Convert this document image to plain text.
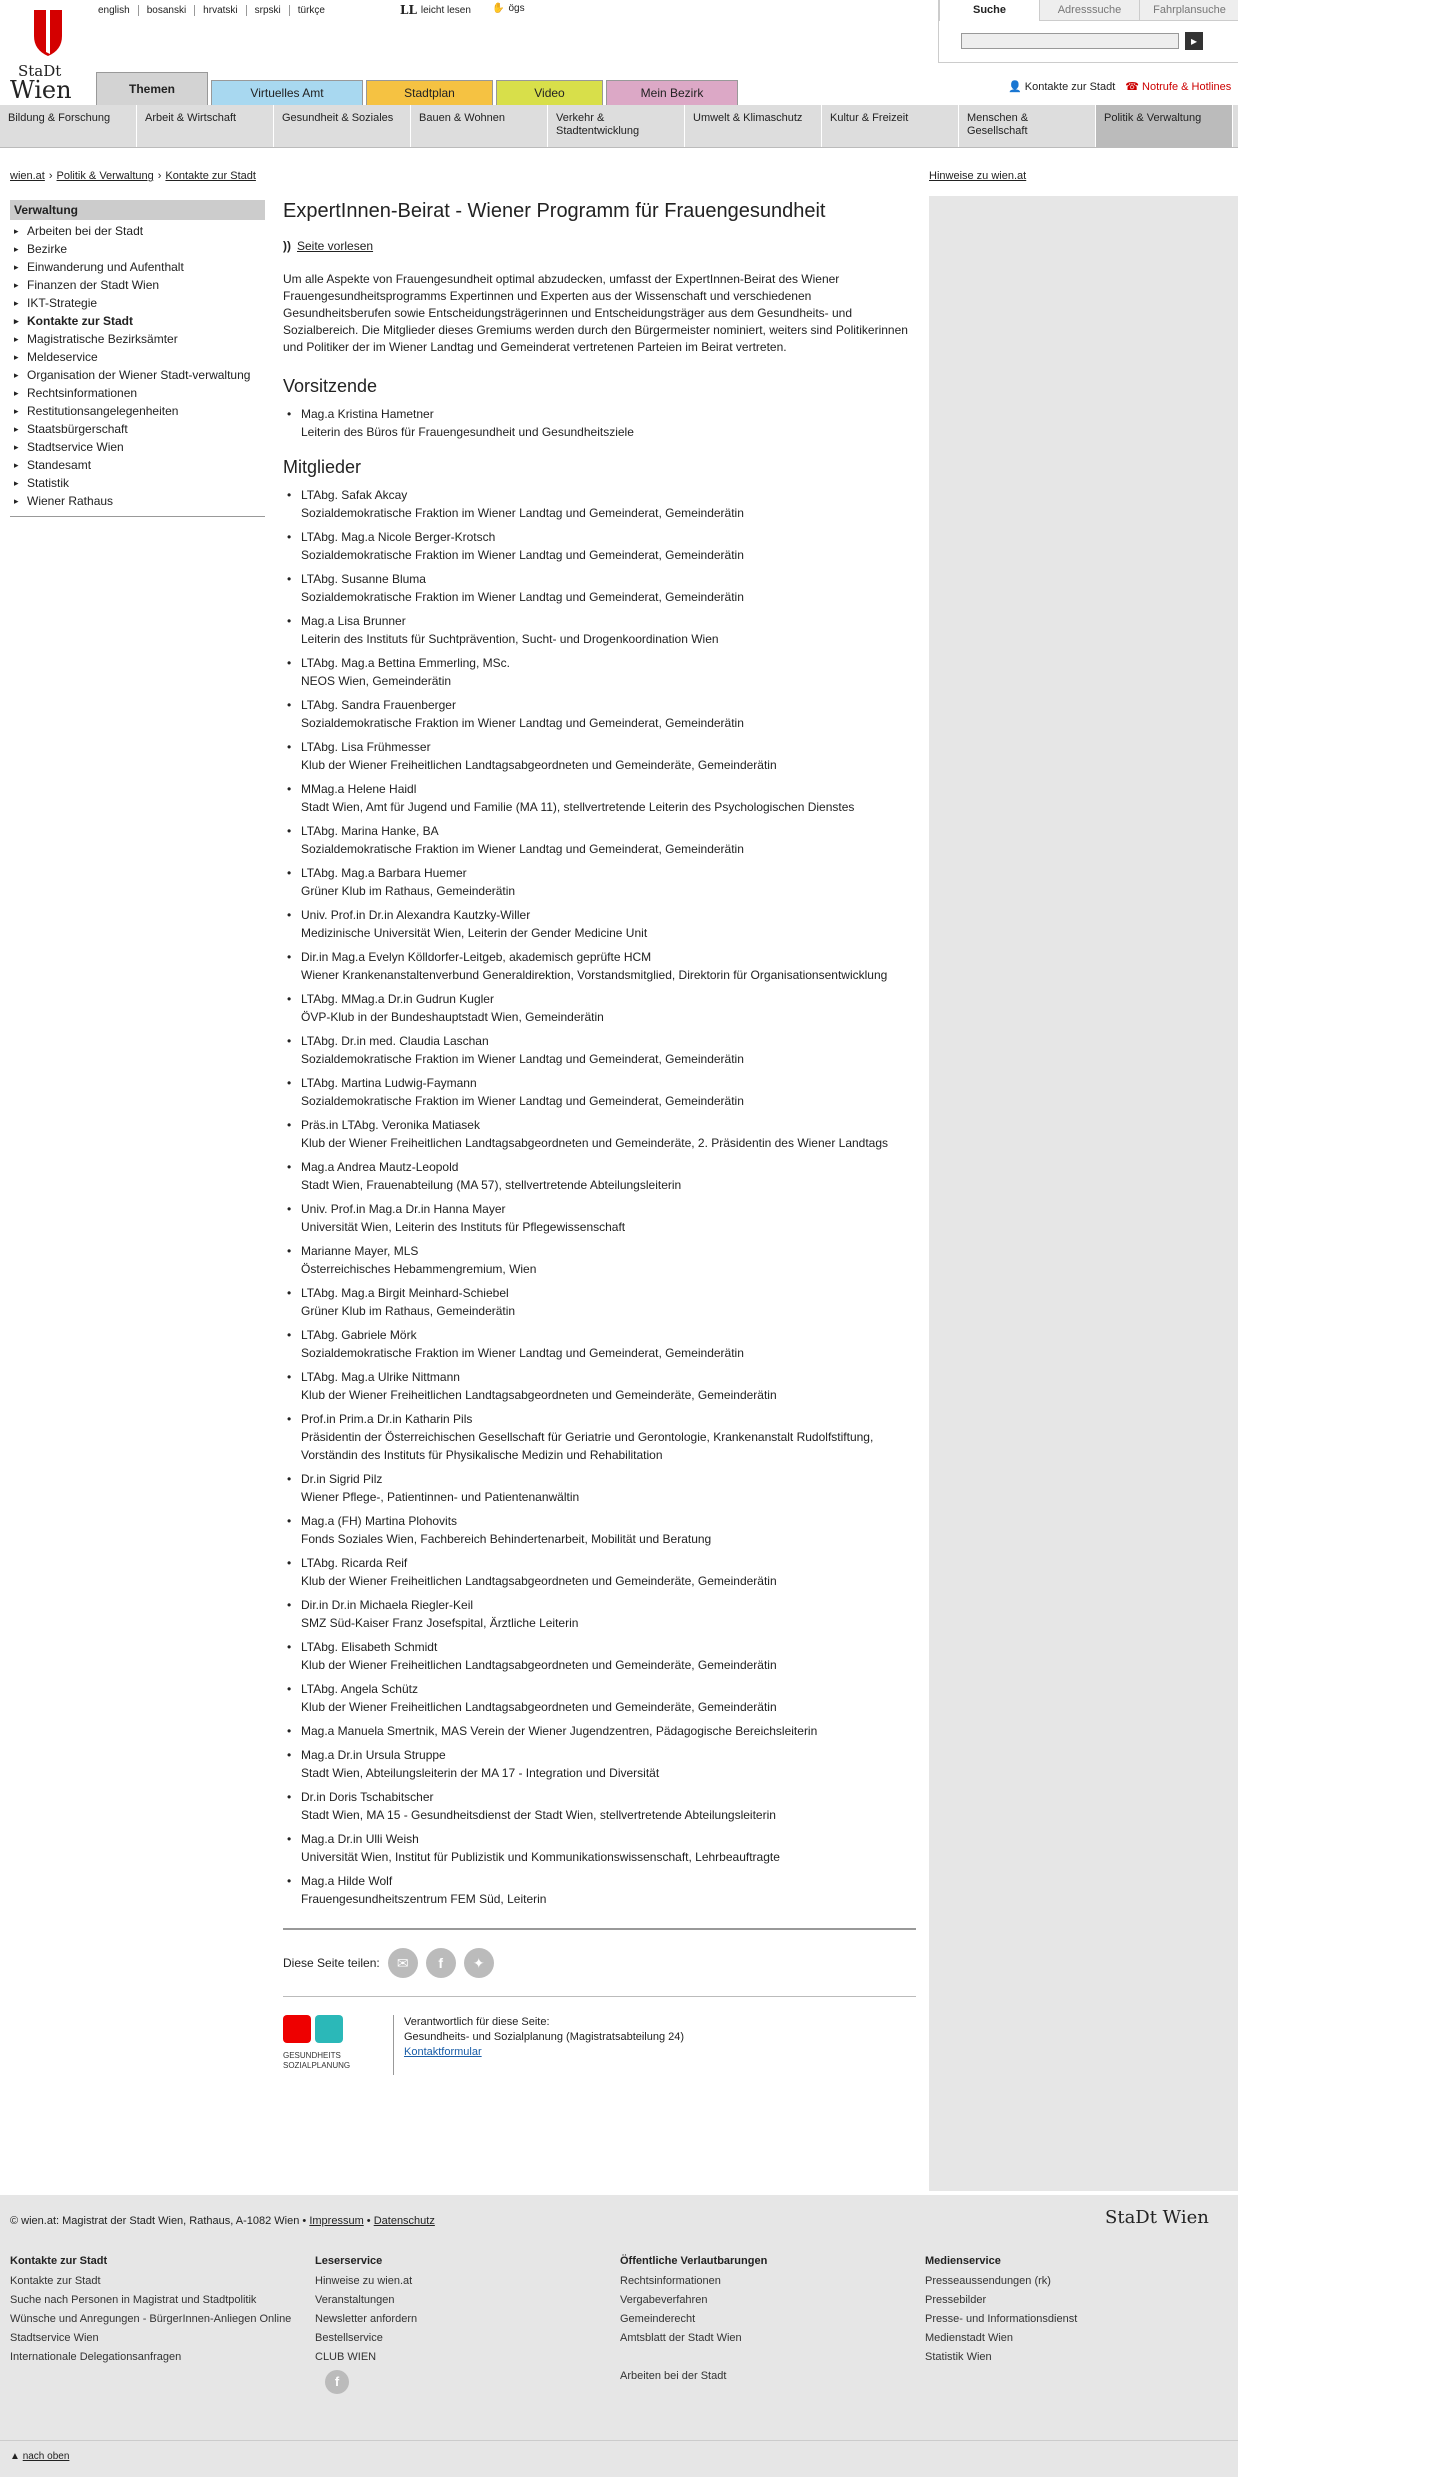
StaDt
Wien
english	bosanski	hrvatski	srpski	türkçe	LL leicht lesen ✋ ögs	Suche	Adresssuche	Fahrplansuche
▸
Themen	Virtuelles Amt	Stadtplan	Video	Mein Bezirk	👤 Kontakte zur Stadt ☎ Notrufe & Hotlines
Bildung & Forschung	Arbeit & Wirtschaft	Gesundheit & Soziales	Bauen & Wohnen	Verkehr & Stadtentwicklung
Umwelt & Klimaschutz	Kultur & Freizeit	Menschen & Gesellschaft
Politik & Verwaltung
wien.at › Politik & Verwaltung › Kontakte zur Stadt	Hinweise zu wien.at
Verwaltung
▸ Arbeiten bei der Stadt
▸ Bezirke
▸ Einwanderung und Aufenthalt
▸ Finanzen der Stadt Wien
▸ IKT-Strategie
▸ Kontakte zur Stadt
▸ Magistratische Bezirksämter
▸ Meldeservice
▸ Organisation der Wiener Stadt-verwaltung
▸ Rechtsinformationen
▸ Restitutionsangelegenheiten
▸ Staatsbürgerschaft
▸ Stadtservice Wien
▸ Standesamt
▸ Statistik
▸ Wiener Rathaus
ExpertInnen-Beirat - Wiener Programm für Frauengesundheit
)) Seite vorlesen

Um alle Aspekte von Frauengesundheit optimal abzudecken, umfasst der ExpertInnen-Beirat des Wiener Frauengesundheitsprogramms Expertinnen und Experten aus der Wissenschaft und verschiedenen Gesundheitsberufen sowie Entscheidungsträgerinnen und Entscheidungsträger aus dem Gesundheits- und Sozialbereich. Die Mitglieder dieses Gremiums werden durch den Bürgermeister nominiert, weiters sind Politikerinnen und Politiker der im Wiener Landtag und Gemeinderat vertretenen Parteien im Beirat vertreten.

Vorsitzende
• Mag.a Kristina Hametner
Leiterin des Büros für Frauengesundheit und Gesundheitsziele
Mitglieder
• LTAbg. Safak Akcay
Sozialdemokratische Fraktion im Wiener Landtag und Gemeinderat, Gemeinderätin
• LTAbg. Mag.a Nicole Berger-Krotsch
Sozialdemokratische Fraktion im Wiener Landtag und Gemeinderat, Gemeinderätin
• LTAbg. Susanne Bluma
Sozialdemokratische Fraktion im Wiener Landtag und Gemeinderat, Gemeinderätin
• Mag.a Lisa Brunner
Leiterin des Instituts für Suchtprävention, Sucht- und Drogenkoordination Wien
• LTAbg. Mag.a Bettina Emmerling, MSc.
NEOS Wien, Gemeinderätin
• LTAbg. Sandra Frauenberger
Sozialdemokratische Fraktion im Wiener Landtag und Gemeinderat, Gemeinderätin
• LTAbg. Lisa Frühmesser
Klub der Wiener Freiheitlichen Landtagsabgeordneten und Gemeinderäte, Gemeinderätin
• MMag.a Helene Haidl
Stadt Wien, Amt für Jugend und Familie (MA 11), stellvertretende Leiterin des Psychologischen Dienstes
• LTAbg. Marina Hanke, BA
Sozialdemokratische Fraktion im Wiener Landtag und Gemeinderat, Gemeinderätin
• LTAbg. Mag.a Barbara Huemer
Grüner Klub im Rathaus, Gemeinderätin
• Univ. Prof.in Dr.in Alexandra Kautzky-Willer
Medizinische Universität Wien, Leiterin der Gender Medicine Unit
• Dir.in Mag.a Evelyn Kölldorfer-Leitgeb, akademisch geprüfte HCM
Wiener Krankenanstaltenverbund Generaldirektion, Vorstandsmitglied, Direktorin für Organisationsentwicklung
• LTAbg. MMag.a Dr.in Gudrun Kugler
ÖVP-Klub in der Bundeshauptstadt Wien, Gemeinderätin
• LTAbg. Dr.in med. Claudia Laschan
Sozialdemokratische Fraktion im Wiener Landtag und Gemeinderat, Gemeinderätin
• LTAbg. Martina Ludwig-Faymann
Sozialdemokratische Fraktion im Wiener Landtag und Gemeinderat, Gemeinderätin
• Präs.in LTAbg. Veronika Matiasek
Klub der Wiener Freiheitlichen Landtagsabgeordneten und Gemeinderäte, 2. Präsidentin des Wiener Landtags
• Mag.a Andrea Mautz-Leopold
Stadt Wien, Frauenabteilung (MA 57), stellvertretende Abteilungsleiterin
• Univ. Prof.in Mag.a Dr.in Hanna Mayer
Universität Wien, Leiterin des Instituts für Pflegewissenschaft
• Marianne Mayer, MLS
Österreichisches Hebammengremium, Wien
• LTAbg. Mag.a Birgit Meinhard-Schiebel
Grüner Klub im Rathaus, Gemeinderätin
• LTAbg. Gabriele Mörk
Sozialdemokratische Fraktion im Wiener Landtag und Gemeinderat, Gemeinderätin
• LTAbg. Mag.a Ulrike Nittmann
Klub der Wiener Freiheitlichen Landtagsabgeordneten und Gemeinderäte, Gemeinderätin
• Prof.in Prim.a Dr.in Katharin Pils
Präsidentin der Österreichischen Gesellschaft für Geriatrie und Gerontologie, Krankenanstalt Rudolfstiftung, Vorständin des Instituts für Physikalische Medizin und Rehabilitation
• Dr.in Sigrid Pilz
Wiener Pflege-, Patientinnen- und Patientenanwältin
• Mag.a (FH) Martina Plohovits
Fonds Soziales Wien, Fachbereich Behindertenarbeit, Mobilität und Beratung
• LTAbg. Ricarda Reif
Klub der Wiener Freiheitlichen Landtagsabgeordneten und Gemeinderäte, Gemeinderätin
• Dir.in Dr.in Michaela Riegler-Keil
SMZ Süd-Kaiser Franz Josefspital, Ärztliche Leiterin
• LTAbg. Elisabeth Schmidt
Klub der Wiener Freiheitlichen Landtagsabgeordneten und Gemeinderäte, Gemeinderätin
• LTAbg. Angela Schütz
Klub der Wiener Freiheitlichen Landtagsabgeordneten und Gemeinderäte, Gemeinderätin
• Mag.a Manuela Smertnik, MAS Verein der Wiener Jugendzentren, Pädagogische Bereichsleiterin
• Mag.a Dr.in Ursula Struppe
Stadt Wien, Abteilungsleiterin der MA 17 - Integration und Diversität
• Dr.in Doris Tschabitscher
Stadt Wien, MA 15 - Gesundheitsdienst der Stadt Wien, stellvertretende Abteilungsleiterin
• Mag.a Dr.in Ulli Weish
Universität Wien, Institut für Publizistik und Kommunikationswissenschaft, Lehrbeauftragte
• Mag.a Hilde Wolf
Frauengesundheitszentrum FEM Süd, Leiterin
Diese Seite teilen:	✉	f	✦
GESUNDHEITS SOZIALPLANUNG
Verantwortlich für diese Seite:
Gesundheits- und Sozialplanung (Magistratsabteilung 24)
Kontaktformular
© wien.at: Magistrat der Stadt Wien, Rathaus, A-1082 Wien • Impressum • Datenschutz	StaDt Wien
Kontakte zur Stadt
Kontakte zur Stadt
Suche nach Personen in Magistrat und Stadtpolitik
Wünsche und Anregungen - BürgerInnen-Anliegen Online
Stadtservice Wien
Internationale Delegationsanfragen
Leserservice
Hinweise zu wien.at
Veranstaltungen
Newsletter anfordern
Bestellservice
CLUB WIEN
f
Öffentliche Verlautbarungen
Rechtsinformationen
Vergabeverfahren
Gemeinderecht
Amtsblatt der Stadt Wien
Arbeiten bei der Stadt
Medienservice
Presseaussendungen (rk)
Pressebilder
Presse- und Informationsdienst
Medienstadt Wien
Statistik Wien
▲ nach oben
